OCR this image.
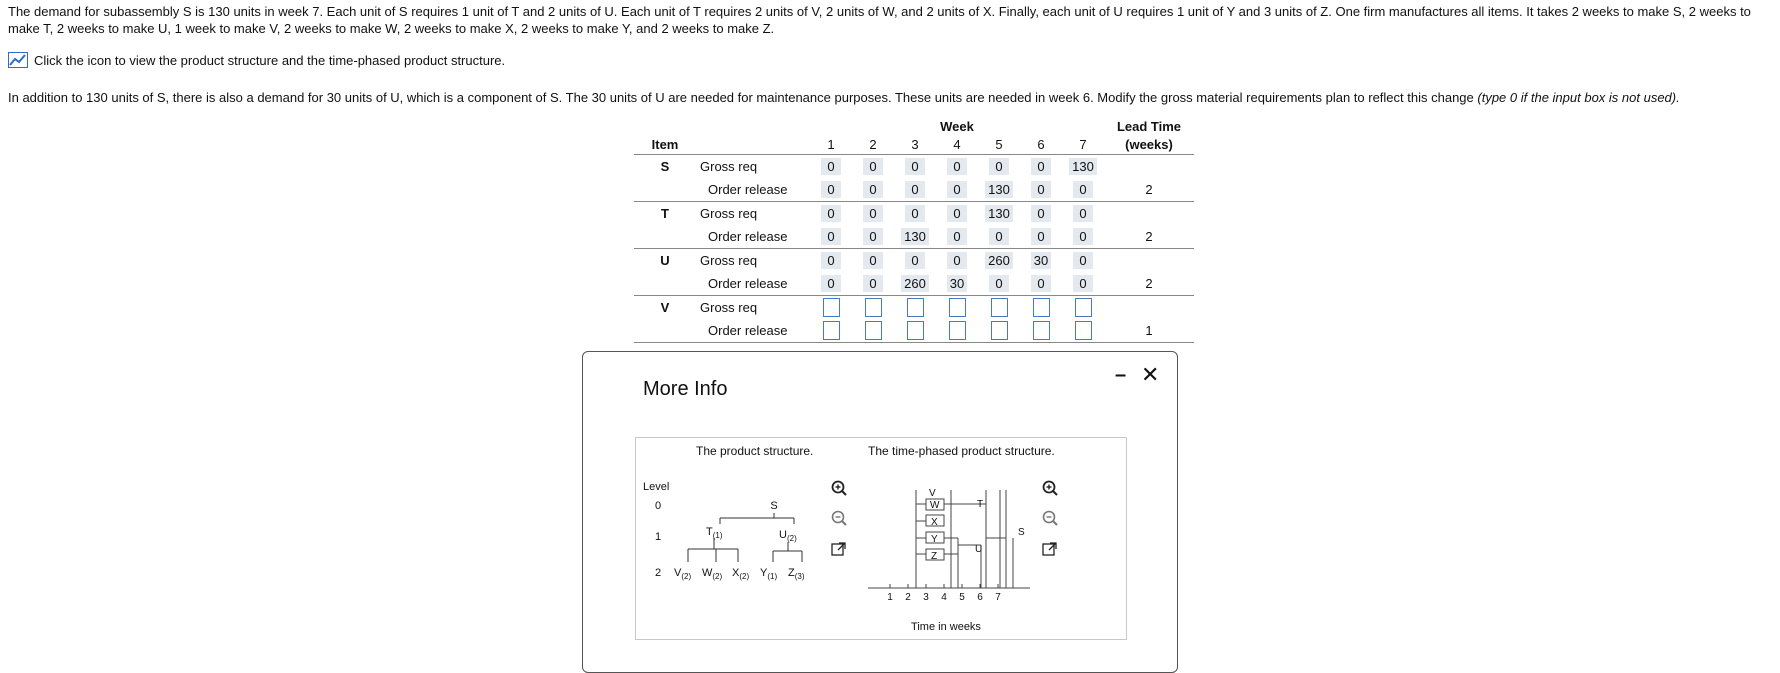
The demand for subassembly S is 130 units in week 7. Each unit of S requires 1 unit of T and 2 units of U. Each unit of T requires 2 units of V, 2 units of W, and 2 units of X. Finally, each unit of U requires 1 unit of Y and 3 units of Z. One firm manufactures all items. It takes 2 weeks to make S, 2 weeks to make T, 2 weeks to make U, 1 week to make V, 2 weeks to make W, 2 weeks to make X, 2 weeks to make Y, and 2 weeks to make Z.
Click the icon to view the product structure and the time-phased product structure.
In addition to 130 units of S, there is also a demand for 30 units of U, which is a component of S. The 30 units of U are needed for maintenance purposes. These units are needed in week 6. Modify the gross material requirements plan to reflect this change (type 0 if the input box is not used).
		Week							Lead Time
Item		1	2	3	4	5	6	7	(weeks)
S	Gross req	0	0	0	0	0	0	130	
	Order release	0	0	0	0	130	0	0	2
T	Gross req	0	0	0	0	130	0	0	
	Order release	0	0	130	0	0	0	0	2
U	Gross req	0	0	0	0	260	30	0	
	Order release	0	0	260	30	0	0	0	2
V	Gross req								
	Order release								1
More Info
– ✕
The product structure.
Level
0
1
2
S
$T_{(1)}$	$U_{(2)}$
$V_{(2)}$ $W_{(2)}$ $X_{(2)}$ $Y_{(1)}$ $Z_{(3)}$
The time-phased product structure.
V
W
X
Y
Z
T
U
S
1 2 3 4 5 6 7
Time in weeks
